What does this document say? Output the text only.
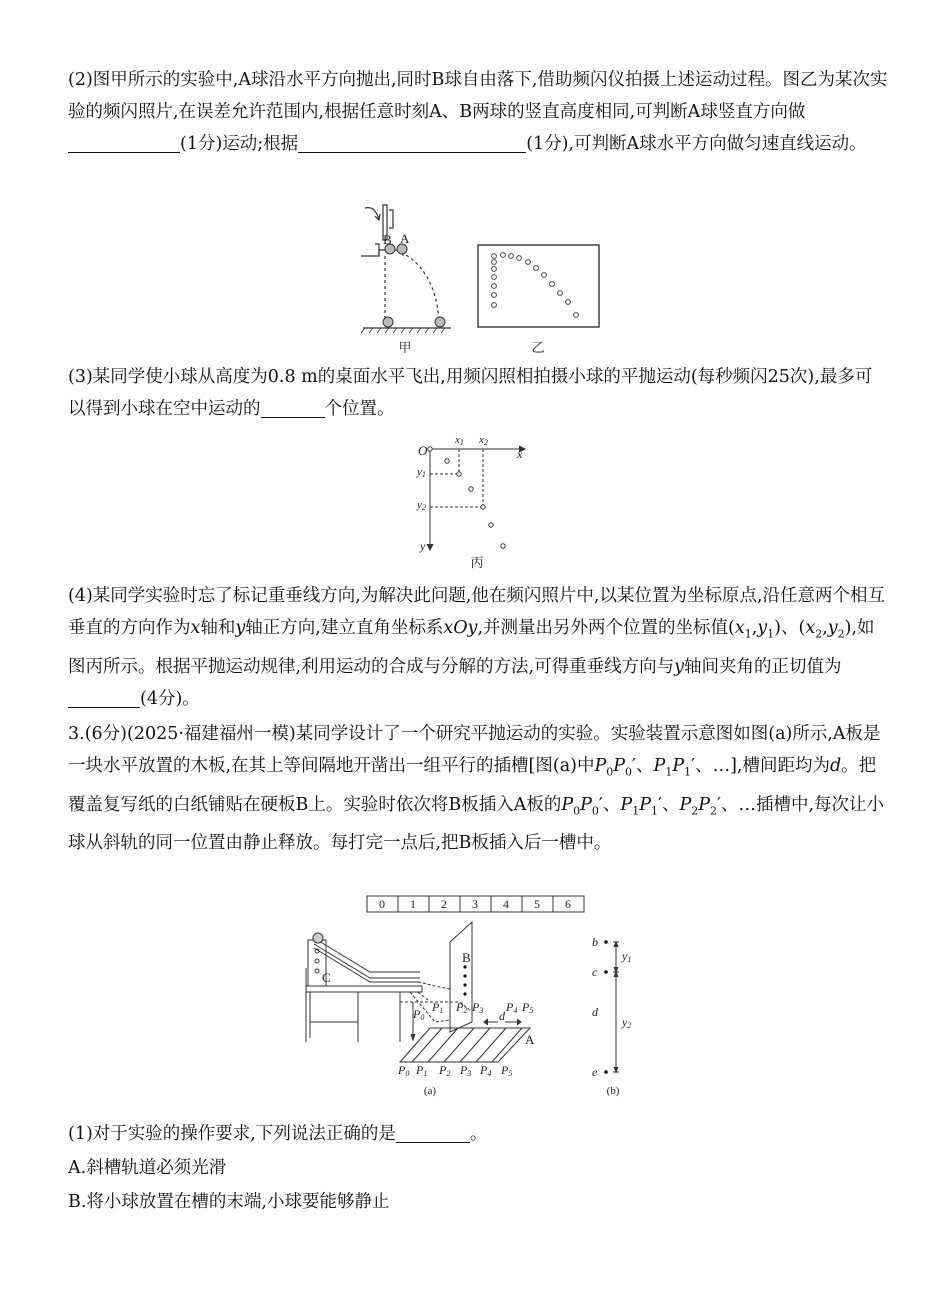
(2)图甲所示的实验中,A球沿水平方向抛出,同时B球自由落下,借助频闪仪拍摄上述运动过程。图乙为某次实验的频闪照片,在误差允许范围内,根据任意时刻A、B两球的竖直高度相同,可判断A球竖直方向做(1分)运动;根据	(1分),可判断A球水平方向做匀速直线运动。

B A
甲	乙

(3)某同学使小球从高度为0.8 m的桌面水平飞出,用频闪照相拍摄小球的平抛运动(每秒频闪25次),最多可以得到小球在空中运动的	个位置。

O
x1 x2
x
y1
y2
y
丙

(4)某同学实验时忘了标记重垂线方向,为解决此问题,他在频闪照片中,以某位置为坐标原点,沿任意两个相互垂直的方向作为x轴和y轴正方向,建立直角坐标系xOy,并测量出另外两个位置的坐标值$(x_1,y_1)$、$(x_2,y_2)$,如图丙所示。根据平抛运动规律,利用运动的合成与分解的方法,可得重垂线方向与y轴间夹角的正切值为(4分)。

3.(6分)(2025·福建福州一模)某同学设计了一个研究平抛运动的实验。实验装置示意图如图(a)所示,A板是一块水平放置的木板,在其上等间隔地开凿出一组平行的插槽[图(a)中$P_0P_0'$、$P_1P_1'$、…],槽间距均为d。把覆盖复写纸的白纸铺贴在硬板B上。实验时依次将B板插入A板的$P_0P_0'$、$P_1P_1'$、$P_2P_2'$、…插槽中,每次让小球从斜轨的同一位置由静止释放。每打完一点后,把B板插入后一槽中。

0 1 2 3 4 5 6
C
B
A
d
P0
P1 P2 P3 P4 P5
P0 P1 P2 P3 P4 P5
(a)
b
c
d
e
y1
y2
(b)

(1)对于实验的操作要求,下列说法正确的是	。

A.斜槽轨道必须光滑

B.将小球放置在槽的末端,小球要能够静止
